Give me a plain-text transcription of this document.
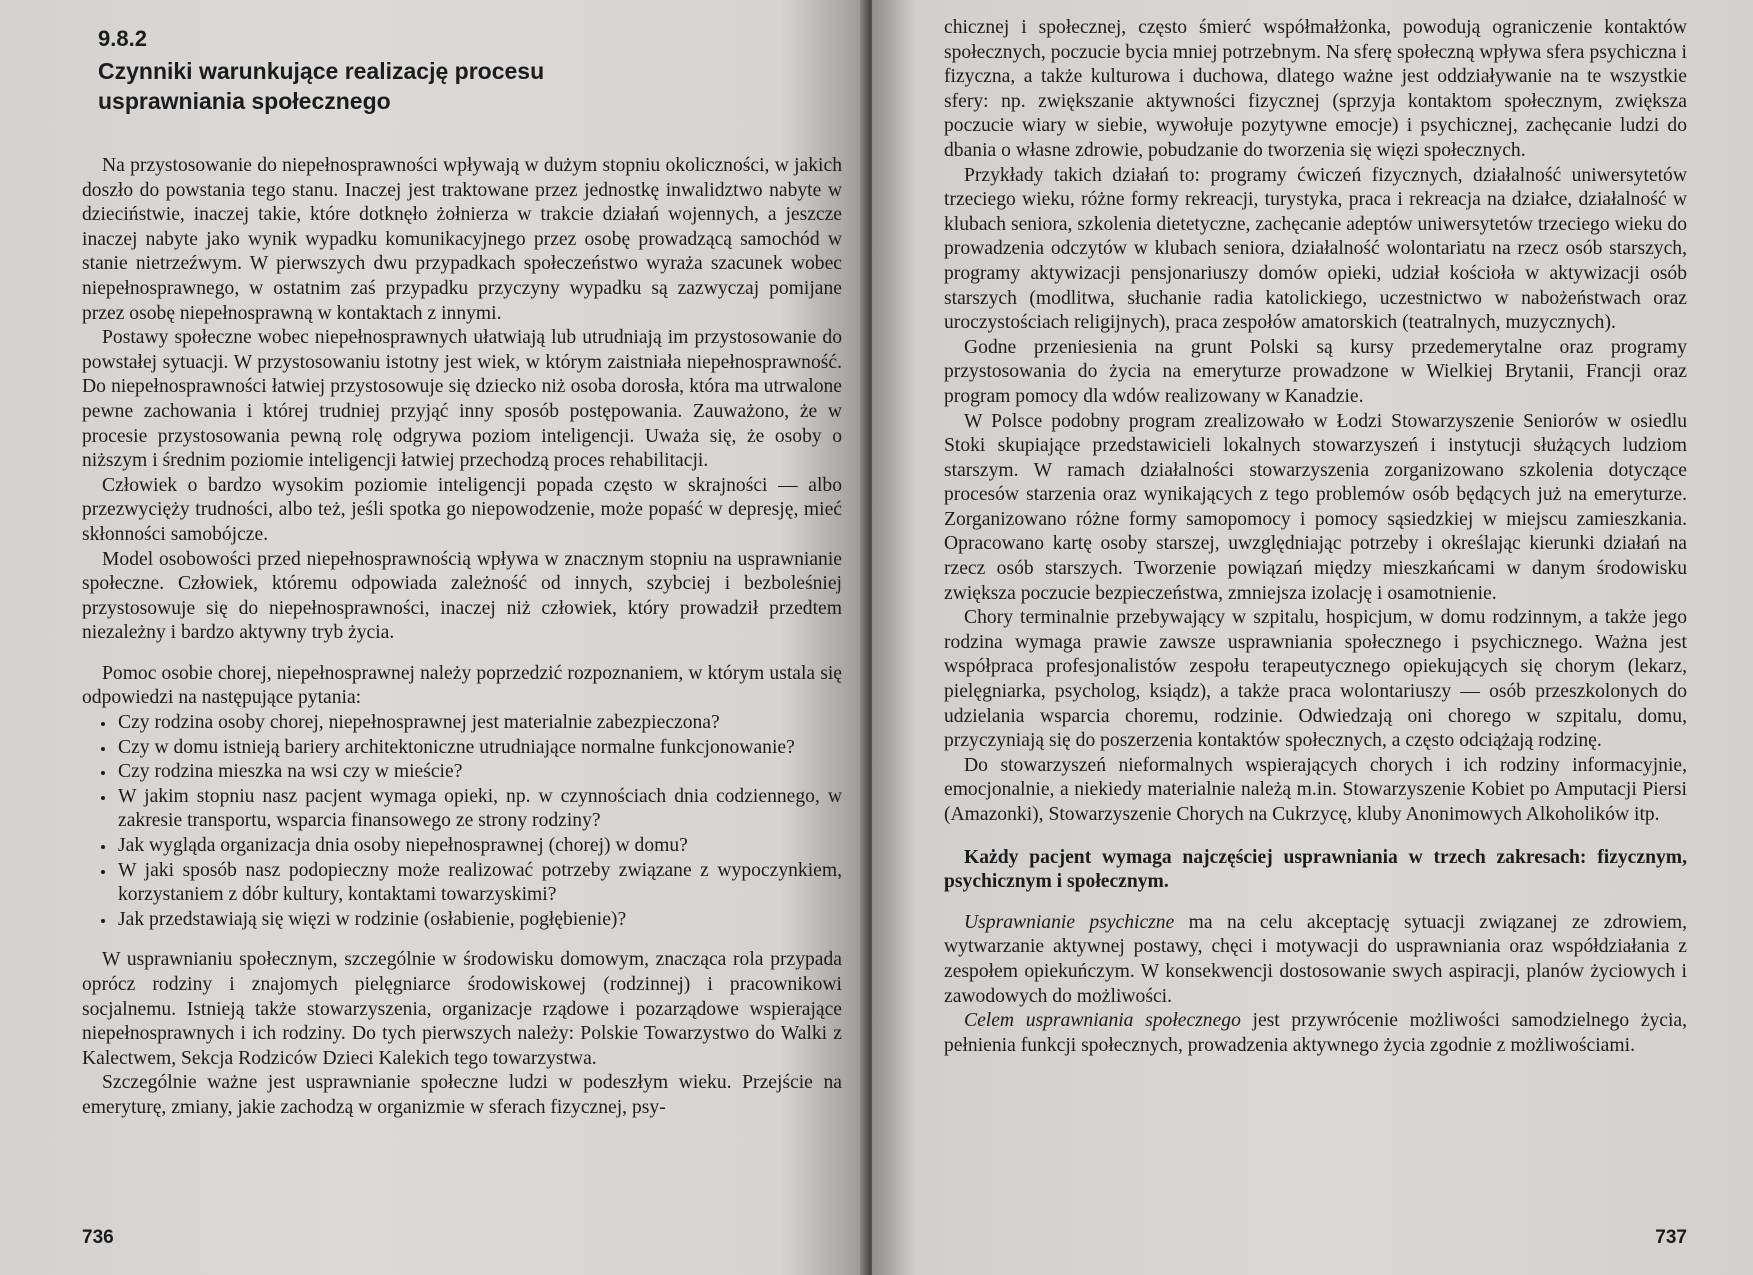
9.8.2
Czynniki warunkujące realizację procesu usprawniania społecznego

Na przystosowanie do niepełnosprawności wpływają w dużym stopniu okoliczności, w jakich doszło do powstania tego stanu. Inaczej jest traktowane przez jednostkę inwalidztwo nabyte w dzieciństwie, inaczej takie, które dotknęło żołnierza w trakcie działań wojennych, a jeszcze inaczej nabyte jako wynik wypadku komunikacyjnego przez osobę prowadzącą samochód w stanie nietrzeźwym. W pierwszych dwu przypadkach społeczeństwo wyraża szacunek wobec niepełnosprawnego, w ostatnim zaś przypadku przyczyny wypadku są zazwyczaj pomijane przez osobę niepełnosprawną w kontaktach z innymi.

Postawy społeczne wobec niepełnosprawnych ułatwiają lub utrudniają im przystosowanie do powstałej sytuacji. W przystosowaniu istotny jest wiek, w którym zaistniała niepełnosprawność. Do niepełnosprawności łatwiej przystosowuje się dziecko niż osoba dorosła, która ma utrwalone pewne zachowania i której trudniej przyjąć inny sposób postępowania. Zauważono, że w procesie przystosowania pewną rolę odgrywa poziom inteligencji. Uważa się, że osoby o niższym i średnim poziomie inteligencji łatwiej przechodzą proces rehabilitacji.

Człowiek o bardzo wysokim poziomie inteligencji popada często w skrajności — albo przezwycięży trudności, albo też, jeśli spotka go niepowodzenie, może popaść w depresję, mieć skłonności samobójcze.

Model osobowości przed niepełnosprawnością wpływa w znacznym stopniu na usprawnianie społeczne. Człowiek, któremu odpowiada zależność od innych, szybciej i bezboleśniej przystosowuje się do niepełnosprawności, inaczej niż człowiek, który prowadził przedtem niezależny i bardzo aktywny tryb życia.

Pomoc osobie chorej, niepełnosprawnej należy poprzedzić rozpoznaniem, w którym ustala się odpowiedzi na następujące pytania:

• Czy rodzina osoby chorej, niepełnosprawnej jest materialnie zabezpieczona?
• Czy w domu istnieją bariery architektoniczne utrudniające normalne funkcjonowanie?
• Czy rodzina mieszka na wsi czy w mieście?
• W jakim stopniu nasz pacjent wymaga opieki, np. w czynnościach dnia codziennego, w zakresie transportu, wsparcia finansowego ze strony rodziny?
• Jak wygląda organizacja dnia osoby niepełnosprawnej (chorej) w domu?
• W jaki sposób nasz podopieczny może realizować potrzeby związane z wypoczynkiem, korzystaniem z dóbr kultury, kontaktami towarzyskimi?
• Jak przedstawiają się więzi w rodzinie (osłabienie, pogłębienie)?

W usprawnianiu społecznym, szczególnie w środowisku domowym, znacząca rola przypada oprócz rodziny i znajomych pielęgniarce środowiskowej (rodzinnej) i pracownikowi socjalnemu. Istnieją także stowarzyszenia, organizacje rządowe i pozarządowe wspierające niepełnosprawnych i ich rodziny. Do tych pierwszych należy: Polskie Towarzystwo do Walki z Kalectwem, Sekcja Rodziców Dzieci Kalekich tego towarzystwa.

Szczególnie ważne jest usprawnianie społeczne ludzi w podeszłym wieku. Przejście na emeryturę, zmiany, jakie zachodzą w organizmie w sferach fizycznej, psy-

736

chicznej i społecznej, często śmierć współmałżonka, powodują ograniczenie kontaktów społecznych, poczucie bycia mniej potrzebnym. Na sferę społeczną wpływa sfera psychiczna i fizyczna, a także kulturowa i duchowa, dlatego ważne jest oddziaływanie na te wszystkie sfery: np. zwiększanie aktywności fizycznej (sprzyja kontaktom społecznym, zwiększa poczucie wiary w siebie, wywołuje pozytywne emocje) i psychicznej, zachęcanie ludzi do dbania o własne zdrowie, pobudzanie do tworzenia się więzi społecznych.

Przykłady takich działań to: programy ćwiczeń fizycznych, działalność uniwersytetów trzeciego wieku, różne formy rekreacji, turystyka, praca i rekreacja na działce, działalność w klubach seniora, szkolenia dietetyczne, zachęcanie adeptów uniwersytetów trzeciego wieku do prowadzenia odczytów w klubach seniora, działalność wolontariatu na rzecz osób starszych, programy aktywizacji pensjonariuszy domów opieki, udział kościoła w aktywizacji osób starszych (modlitwa, słuchanie radia katolickiego, uczestnictwo w nabożeństwach oraz uroczystościach religijnych), praca zespołów amatorskich (teatralnych, muzycznych).

Godne przeniesienia na grunt Polski są kursy przedemerytalne oraz programy przystosowania do życia na emeryturze prowadzone w Wielkiej Brytanii, Francji oraz program pomocy dla wdów realizowany w Kanadzie.

W Polsce podobny program zrealizowało w Łodzi Stowarzyszenie Seniorów w osiedlu Stoki skupiające przedstawicieli lokalnych stowarzyszeń i instytucji służących ludziom starszym. W ramach działalności stowarzyszenia zorganizowano szkolenia dotyczące procesów starzenia oraz wynikających z tego problemów osób będących już na emeryturze. Zorganizowano różne formy samopomocy i pomocy sąsiedzkiej w miejscu zamieszkania. Opracowano kartę osoby starszej, uwzględniając potrzeby i określając kierunki działań na rzecz osób starszych. Tworzenie powiązań między mieszkańcami w danym środowisku zwiększa poczucie bezpieczeństwa, zmniejsza izolację i osamotnienie.

Chory terminalnie przebywający w szpitalu, hospicjum, w domu rodzinnym, a także jego rodzina wymaga prawie zawsze usprawniania społecznego i psychicznego. Ważna jest współpraca profesjonalistów zespołu terapeutycznego opiekujących się chorym (lekarz, pielęgniarka, psycholog, ksiądz), a także praca wolontariuszy — osób przeszkolonych do udzielania wsparcia choremu, rodzinie. Odwiedzają oni chorego w szpitalu, domu, przyczyniają się do poszerzenia kontaktów społecznych, a często odciążają rodzinę.

Do stowarzyszeń nieformalnych wspierających chorych i ich rodziny informacyjnie, emocjonalnie, a niekiedy materialnie należą m.in. Stowarzyszenie Kobiet po Amputacji Piersi (Amazonki), Stowarzyszenie Chorych na Cukrzycę, kluby Anonimowych Alkoholików itp.

Każdy pacjent wymaga najczęściej usprawniania w trzech zakresach: fizycznym, psychicznym i społecznym.

Usprawnianie psychiczne ma na celu akceptację sytuacji związanej ze zdrowiem, wytwarzanie aktywnej postawy, chęci i motywacji do usprawniania oraz współdziałania z zespołem opiekuńczym. W konsekwencji dostosowanie swych aspiracji, planów życiowych i zawodowych do możliwości.

Celem usprawniania społecznego jest przywrócenie możliwości samodzielnego życia, pełnienia funkcji społecznych, prowadzenia aktywnego życia zgodnie z możliwościami.

737
